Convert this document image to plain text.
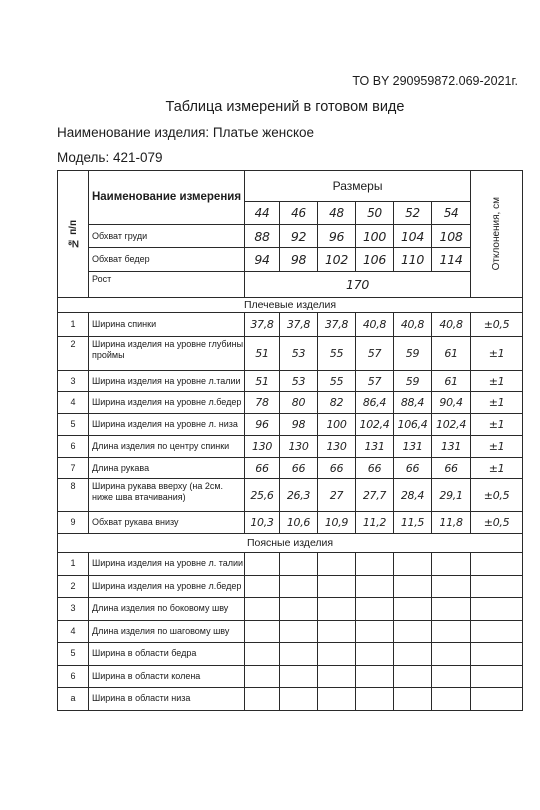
ТО BY 290959872.069-2021г.
Таблица измерений в готовом виде
Наименование изделия: Платье женское
Модель: 421-079
№ п/п	Наименование измерения	Размеры						Отклонения, см

		44	46	48	50	52	54	
	Обхват груди	88	92	96	100	104	108	
	Обхват бедер	94	98	102	106	110	114	
	Рост	170						
Плечевые изделия								
1	Ширина спинки	37,8	37,8	37,8	40,8	40,8	40,8	±0,5
2	Ширина изделия на уровне глубины проймы	51	53	55	57	59	61	±1
3	Ширина изделия на уровне л.талии	51	53	55	57	59	61	±1
4	Ширина изделия на уровне л.бедер	78	80	82	86,4	88,4	90,4	±1
5	Ширина изделия на уровне л. низа	96	98	100	102,4	106,4	102,4	±1
6	Длина изделия по центру спинки	130	130	130	131	131	131	±1
7	Длина рукава	66	66	66	66	66	66	±1
8	Ширина рукава вверху (на 2см. ниже шва втачивания)	25,6	26,3	27	27,7	28,4	29,1	±0,5
9	Обхват рукава внизу	10,3	10,6	10,9	11,2	11,5	11,8	±0,5
Поясные изделия								
1	Ширина изделия на уровне л. талии							
2	Ширина изделия на уровне л.бедер							
3	Длина изделия по боковому шву							
4	Длина изделия по шаговому шву							
5	Ширина в области бедра							
6	Ширина в области колена							
a	Ширина в области низа							
